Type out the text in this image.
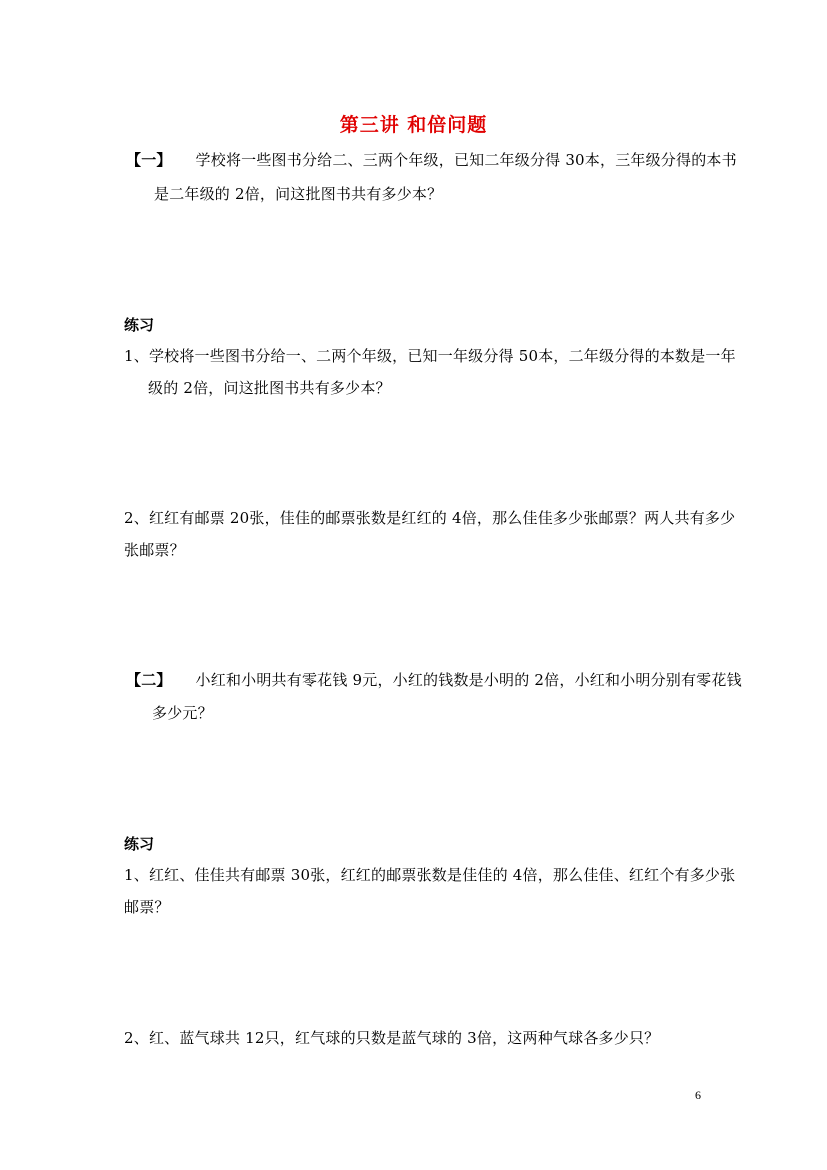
第三讲 和倍问题
【一】 学校将一些图书分给二、三两个年级，已知二年级分得 30本，三年级分得的本书
是二年级的 2倍，问这批图书共有多少本？
练习
1、学校将一些图书分给一、二两个年级，已知一年级分得 50本，二年级分得的本数是一年
级的 2倍，问这批图书共有多少本？
2、红红有邮票 20张，佳佳的邮票张数是红红的 4倍，那么佳佳多少张邮票？两人共有多少
张邮票？
【二】 小红和小明共有零花钱 9元，小红的钱数是小明的 2倍，小红和小明分别有零花钱
多少元？
练习
1、红红、佳佳共有邮票 30张，红红的邮票张数是佳佳的 4倍，那么佳佳、红红个有多少张
邮票？
2、红、蓝气球共 12只，红气球的只数是蓝气球的 3倍，这两种气球各多少只？
6
